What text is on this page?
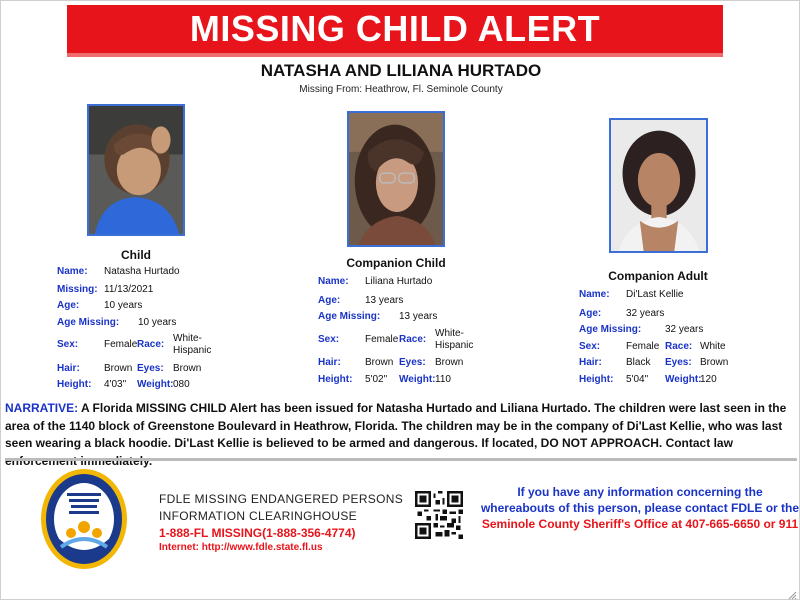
MISSING CHILD ALERT
NATASHA AND LILIANA HURTADO
Missing From: Heathrow, Fl. Seminole County
Child
Name: Natasha Hurtado
Missing: 11/13/2021
Age: 10 years
Age Missing: 10 years
Sex:	Female Race:
White-Hispanic
Hair: Brown Eyes: Brown
Height: 4'03" Weight: 080
Companion Child
Name: Liliana Hurtado
Age: 13 years
Age Missing: 13 years
Sex:	Female Race:
White-Hispanic
Hair: Brown Eyes: Brown
Height: 5'02" Weight: 110
Companion Adult
Name: Di'Last Kellie
Age: 32 years
Age Missing: 32 years
Sex:	Female Race: White
Hair: Black Eyes: Brown
Height: 5'04" Weight:
120
NARRATIVE: A Florida MISSING CHILD Alert has been issued for Natasha Hurtado and Liliana Hurtado. The children were last seen in the area of the 1140 block of Greenstone Boulevard in Heathrow, Florida. The children may be in the company of Di'Last Kellie, who was last seen wearing a black hoodie. Di'Last Kellie is believed to be armed and dangerous. If located, DO NOT APPROACH. Contact law
FDLE MISSING ENDANGERED PERSONS
INFORMATION CLEARINGHOUSE
1-888-FL MISSING(1-888-356-4774)
Internet: http://www.fdle.state.fl.us
If you have any information concerning the
whereabouts of this person, please contact FDLE or the
Seminole County Sheriff's Office at 407-665-6650 or 911
